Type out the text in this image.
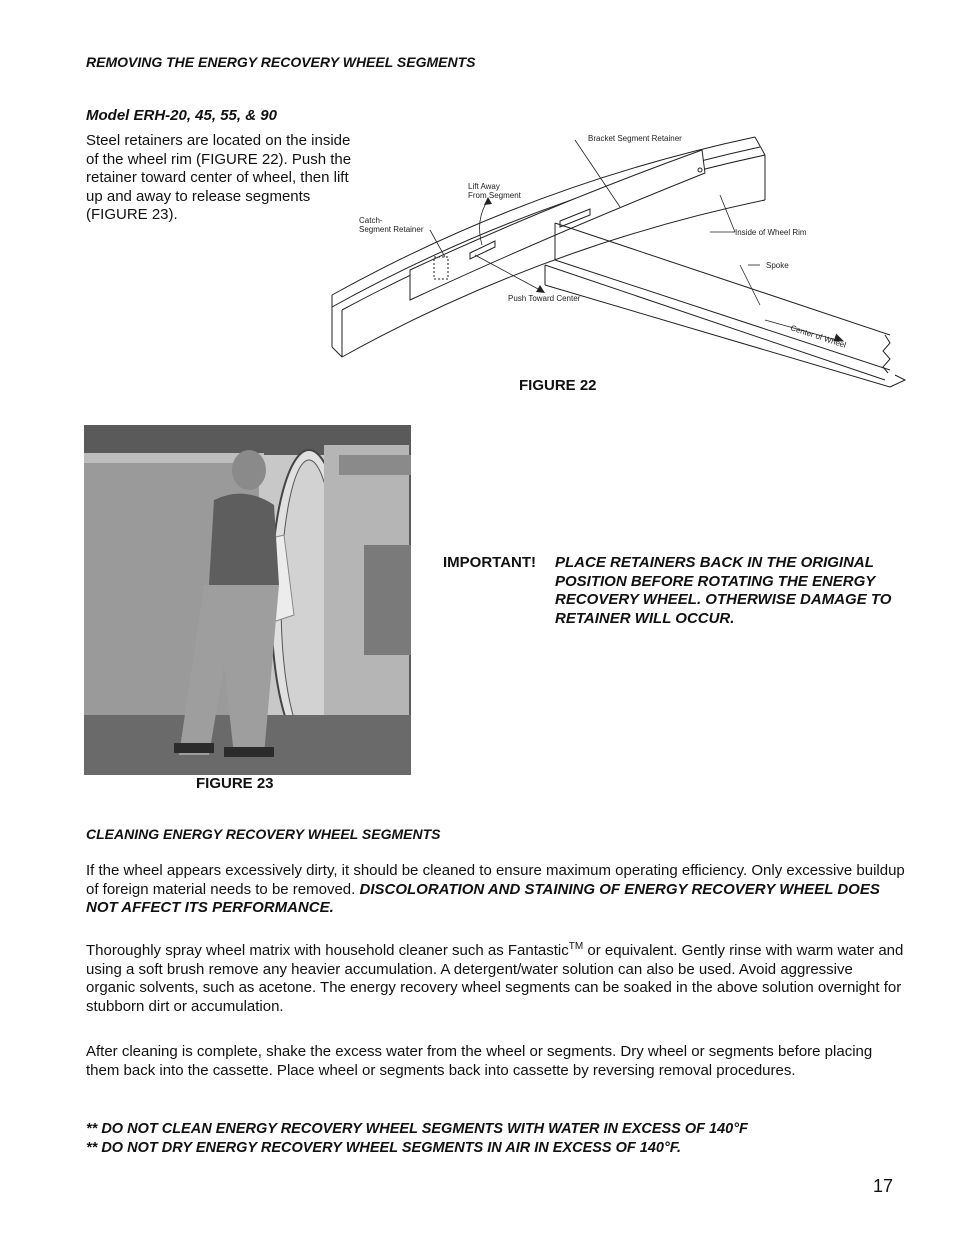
REMOVING THE ENERGY RECOVERY WHEEL SEGMENTS
Model ERH-20, 45, 55, & 90
Steel retainers are located on the inside of the wheel rim (FIGURE 22). Push the retainer toward center of wheel, then lift up and away to release segments (FIGURE 23).
Bracket Segment Retainer
Lift Away
From Segment
Catch-
Segment Retainer	Inside of Wheel Rim
Spoke
Push Toward Center
Center of Wheel
FIGURE 22
FIGURE 23
IMPORTANT! PLACE RETAINERS BACK IN THE ORIGINAL POSITION BEFORE ROTATING THE ENERGY RECOVERY WHEEL. OTHERWISE DAMAGE TO RETAINER WILL OCCUR.
CLEANING ENERGY RECOVERY WHEEL SEGMENTS
If the wheel appears excessively dirty, it should be cleaned to ensure maximum operating efficiency. Only excessive buildup of foreign material needs to be removed. DISCOLORATION AND STAINING OF ENERGY RECOVERY WHEEL DOES NOT AFFECT ITS PERFORMANCE.
Thoroughly spray wheel matrix with household cleaner such as Fantastic™ or equivalent. Gently rinse with warm water and using a soft brush remove any heavier accumulation. A detergent/water solution can also be used. Avoid aggressive organic solvents, such as acetone. The energy recovery wheel segments can be soaked in the above solution overnight for stubborn dirt or accumulation.
After cleaning is complete, shake the excess water from the wheel or segments. Dry wheel or segments before placing them back into the cassette. Place wheel or segments back into cassette by reversing removal procedures.
** DO NOT CLEAN ENERGY RECOVERY WHEEL SEGMENTS WITH WATER IN EXCESS OF 140°F
** DO NOT DRY ENERGY RECOVERY WHEEL SEGMENTS IN AIR IN EXCESS OF 140°F.
17
